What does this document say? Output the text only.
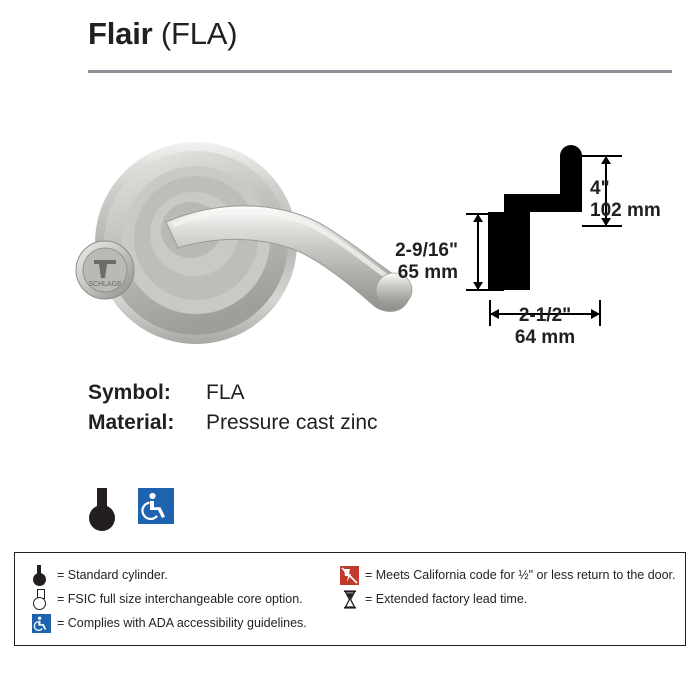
Flair (FLA)
SCHLAGE
4"
102 mm
2-9/16"
65 mm
2-1/2"
64 mm
Symbol:	FLA
Material:	Pressure cast zinc
= Standard cylinder.
= FSIC full size interchangeable core option.
= Complies with ADA accessibility guidelines.
= Meets California code for ½" or less return to the door.
= Extended factory lead time.
